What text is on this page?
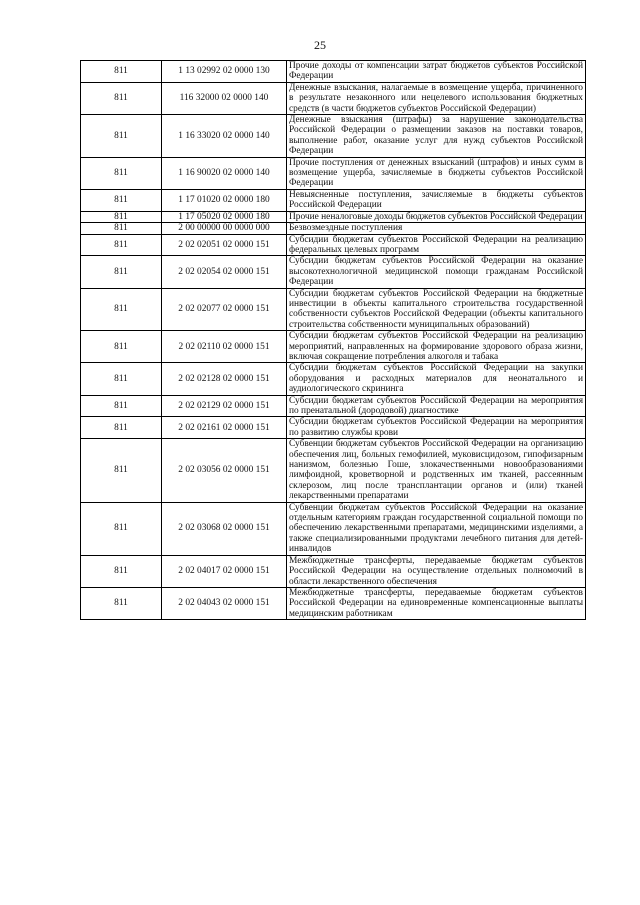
25
811	1 13 02992 02 0000 130	Прочие доходы от компенсации затрат бюджетов субъектов Российской Федерации
811	116 32000 02 0000 140	Денежные взыскания, налагаемые в возмещение ущерба, причиненного в результате незаконного или нецелевого использования бюджетных средств (в части бюджетов субъектов Российской Федерации)
811	1 16 33020 02 0000 140	Денежные взыскания (штрафы) за нарушение законодательства Российской Федерации о размещении заказов на поставки товаров, выполнение работ, оказание услуг для нужд субъектов Российской Федерации
811	1 16 90020 02 0000 140	Прочие поступления от денежных взысканий (штрафов) и иных сумм в возмещение ущерба, зачисляемые в бюджеты субъектов Российской Федерации
811	1 17 01020 02 0000 180	Невыясненные поступления, зачисляемые в бюджеты субъектов Российской Федерации
811	1 17 05020 02 0000 180	Прочие неналоговые доходы бюджетов субъектов Российской Федерации
811	2 00 00000 00 0000 000	Безвозмездные поступления
811	2 02 02051 02 0000 151	Субсидии бюджетам субъектов Российской Федерации на реализацию федеральных целевых программ
811	2 02 02054 02 0000 151	Субсидии бюджетам субъектов Российской Федерации на оказание высокотехнологичной медицинской помощи гражданам Российской Федерации
811	2 02 02077 02 0000 151	Субсидии бюджетам субъектов Российской Федерации на бюджетные инвестиции в объекты капитального строительства государственной собственности субъектов Российской Федерации (объекты капитального строительства собственности муниципальных образований)
811	2 02 02110 02 0000 151	Субсидии бюджетам субъектов Российской Федерации на реализацию мероприятий, направленных на формирование здорового образа жизни, включая сокращение потребления алкоголя и табака
811	2 02 02128 02 0000 151	Субсидии бюджетам субъектов Российской Федерации на закупки оборудования и расходных материалов для неонатального и аудиологического скрининга
811	2 02 02129 02 0000 151	Субсидии бюджетам субъектов Российской Федерации на мероприятия по пренатальной (дородовой) диагностике
811	2 02 02161 02 0000 151	Субсидии бюджетам субъектов Российской Федерации на мероприятия по развитию службы крови
811	2 02 03056 02 0000 151	Субвенции бюджетам субъектов Российской Федерации на организацию обеспечения лиц, больных гемофилией, муковисцидозом, гипофизарным нанизмом, болезнью Гоше, злокачественными новообразованиями лимфоидной, кроветворной и родственных им тканей, рассеянным склерозом, лиц после трансплантации органов и (или) тканей лекарственными препаратами
811	2 02 03068 02 0000 151	Субвенции бюджетам субъектов Российской Федерации на оказание отдельным категориям граждан государственной социальной помощи по обеспечению лекарственными препаратами, медицинскими изделиями, а также специализированными продуктами лечебного питания для детей-инвалидов
811	2 02 04017 02 0000 151	Межбюджетные трансферты, передаваемые бюджетам субъектов Российской Федерации на осуществление отдельных полномочий в области лекарственного обеспечения
811	2 02 04043 02 0000 151	Межбюджетные трансферты, передаваемые бюджетам субъектов Российской Федерации на единовременные компенсационные выплаты медицинским работникам
